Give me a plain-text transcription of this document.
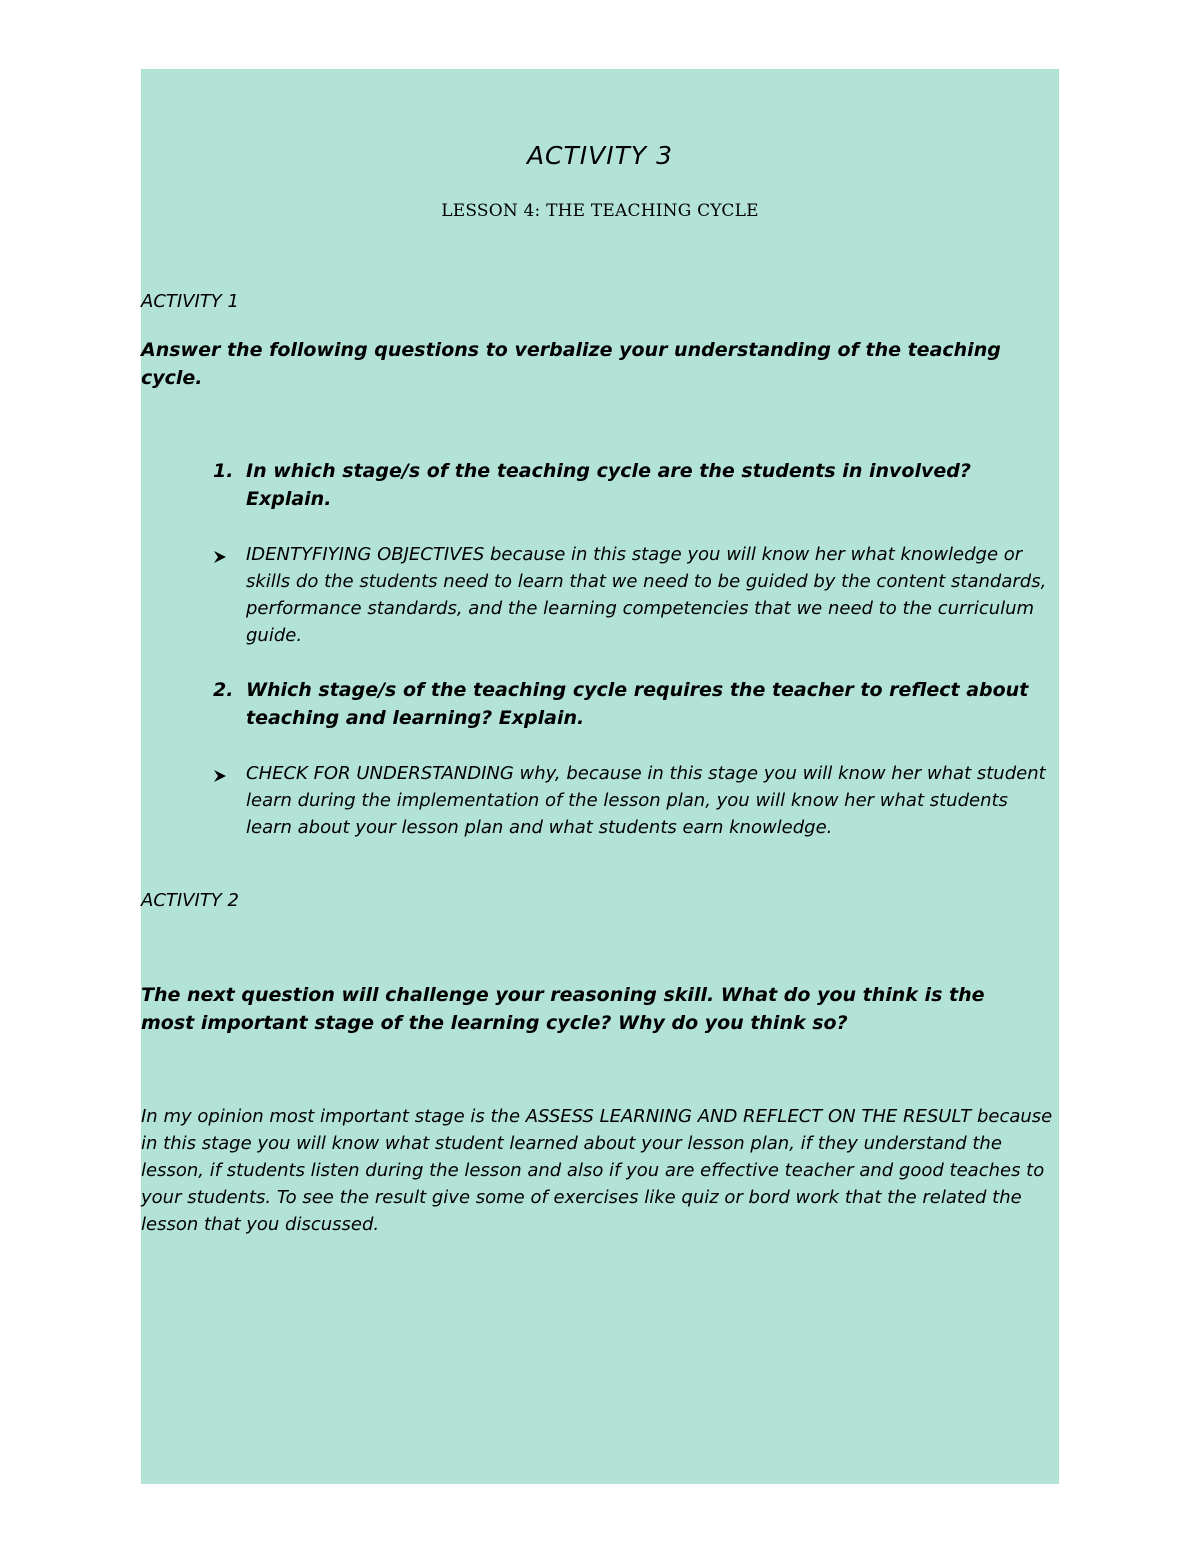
ACTIVITY 3
LESSON 4: THE TEACHING CYCLE
ACTIVITY 1
Answer the following questions to verbalize your understanding of the teaching cycle.
1. In which stage/s of the teaching cycle are the students in involved? Explain.
IDENTYFIYING OBJECTIVES because in this stage you will know her what knowledge or skills do the students need to learn that we need to be guided by the content standards, performance standards, and the learning competencies that we need to the curriculum guide.
2. Which stage/s of the teaching cycle requires the teacher to reflect about teaching and learning? Explain.
CHECK FOR UNDERSTANDING why, because in this stage you will know her what student learn during the implementation of the lesson plan, you will know her what students learn about your lesson plan and what students earn knowledge.
ACTIVITY 2
The next question will challenge your reasoning skill. What do you think is the most important stage of the learning cycle? Why do you think so?
In my opinion most important stage is the ASSESS LEARNING AND REFLECT ON THE RESULT because in this stage you will know what student learned about your lesson plan, if they understand the lesson, if students listen during the lesson and also if you are effective teacher and good teaches to your students. To see the result give some of exercises like quiz or bord work that the related the lesson that you discussed.
